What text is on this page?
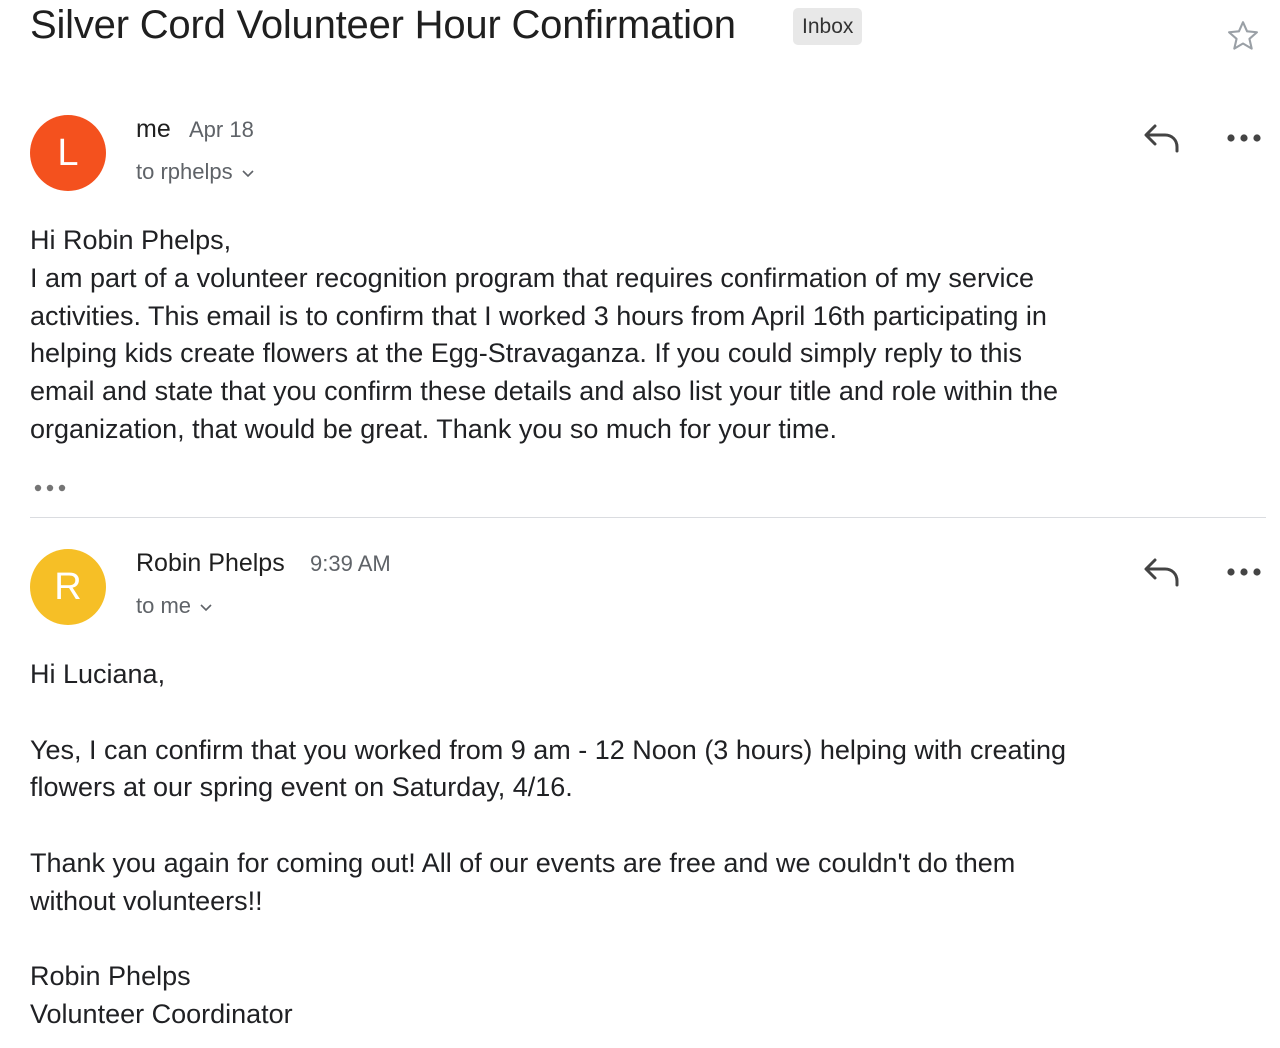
Silver Cord Volunteer Hour Confirmation	Inbox
L
me Apr 18
to rphelps
Hi Robin Phelps,
I am part of a volunteer recognition program that requires confirmation of my service
activities. This email is to confirm that I worked 3 hours from April 16th participating in
helping kids create flowers at the Egg-Stravaganza. If you could simply reply to this
email and state that you confirm these details and also list your title and role within the
organization, that would be great. Thank you so much for your time.
R
Robin Phelps 9:39 AM
to me
Hi Luciana,

Yes, I can confirm that you worked from 9 am - 12 Noon (3 hours) helping with creating
flowers at our spring event on Saturday, 4/16.

Thank you again for coming out! All of our events are free and we couldn't do them
without volunteers!!

Robin Phelps
Volunteer Coordinator
